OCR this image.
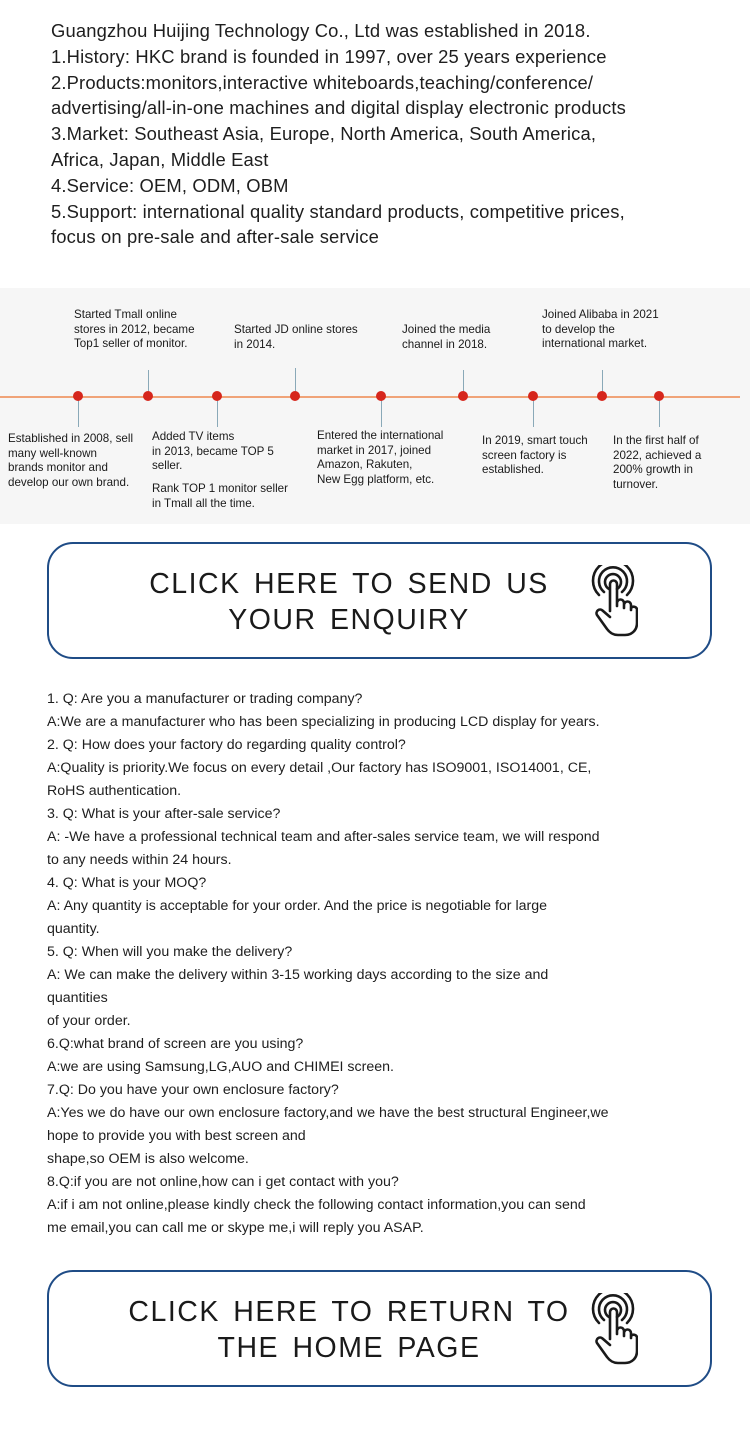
Guangzhou Huijing Technology Co., Ltd was established in 2018.
1.History: HKC brand is founded in 1997, over 25 years experience
2.Products:monitors,interactive whiteboards,teaching/conference/
advertising/all-in-one machines and digital display electronic products
3.Market: Southeast Asia, Europe, North America, South America,
Africa, Japan, Middle East
4.Service: OEM, ODM, OBM
5.Support: international quality standard products, competitive prices,
focus on pre-sale and after-sale service
Started Tmall online
stores in 2012, became
Top1 seller of monitor.
Started JD online stores
in 2014.
Joined the media
channel in 2018.
Joined Alibaba in 2021
to develop the
international market.
Established in 2008, sell
many well-known
brands monitor and
develop our own brand.
Added TV items
in 2013, became TOP 5
seller.
Rank TOP 1 monitor seller
in Tmall all the time.
Entered the international
market in 2017, joined
Amazon, Rakuten,
New Egg platform, etc.
In 2019, smart touch
screen factory is
established.
In the first half of
2022, achieved a
200% growth in
turnover.
CLICK HERE TO SEND US
YOUR ENQUIRY
1. Q: Are you a manufacturer or trading company?
A:We are a manufacturer who has been specializing in producing LCD display for years.
2. Q: How does your factory do regarding quality control?
A:Quality is priority.We focus on every detail ,Our factory has ISO9001, ISO14001, CE,
RoHS authentication.
3. Q: What is your after-sale service?
A: -We have a professional technical team and after-sales service team, we will respond
to any needs within 24 hours.
4. Q: What is your MOQ?
A: Any quantity is acceptable for your order. And the price is negotiable for large
quantity.
5. Q: When will you make the delivery?
A: We can make the delivery within 3-15 working days according to the size and
quantities
of your order.
6.Q:what brand of screen are you using?
A:we are using Samsung,LG,AUO and CHIMEI screen.
7.Q: Do you have your own enclosure factory?
A:Yes we do have our own enclosure factory,and we have the best structural Engineer,we
hope to provide you with best screen and
shape,so OEM is also welcome.
8.Q:if you are not online,how can i get contact with you?
A:if i am not online,please kindly check the following contact information,you can send
me email,you can call me or skype me,i will reply you ASAP.
CLICK HERE TO RETURN TO
THE HOME PAGE
